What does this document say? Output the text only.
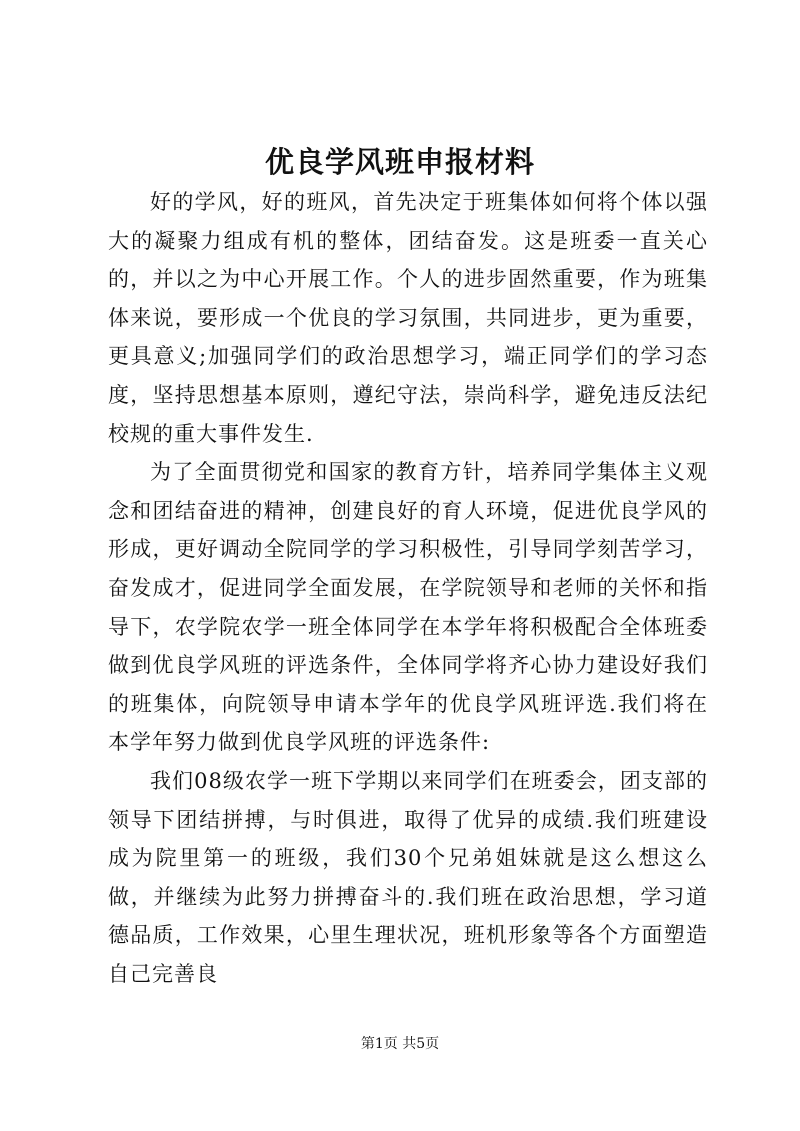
优良学风班申报材料

好的学风，好的班风，首先决定于班集体如何将个体以强大的凝聚力组成有机的整体，团结奋发。这是班委一直关心的，并以之为中心开展工作。个人的进步固然重要，作为班集体来说，要形成一个优良的学习氛围，共同进步，更为重要，更具意义;加强同学们的政治思想学习，端正同学们的学习态度，坚持思想基本原则，遵纪守法，崇尚科学，避免违反法纪校规的重大事件发生.

为了全面贯彻党和国家的教育方针，培养同学集体主义观念和团结奋进的精神，创建良好的育人环境，促进优良学风的形成，更好调动全院同学的学习积极性，引导同学刻苦学习，奋发成才，促进同学全面发展，在学院领导和老师的关怀和指导下，农学院农学一班全体同学在本学年将积极配合全体班委做到优良学风班的评选条件，全体同学将齐心协力建设好我们的班集体，向院领导申请本学年的优良学风班评选.我们将在本学年努力做到优良学风班的评选条件:

我们08级农学一班下学期以来同学们在班委会，团支部的领导下团结拼搏，与时俱进，取得了优异的成绩.我们班建设成为院里第一的班级，我们30个兄弟姐妹就是这么想这么做，并继续为此努力拼搏奋斗的.我们班在政治思想，学习道德品质，工作效果，心里生理状况，班机形象等各个方面塑造自己完善良

第1页 共5页
